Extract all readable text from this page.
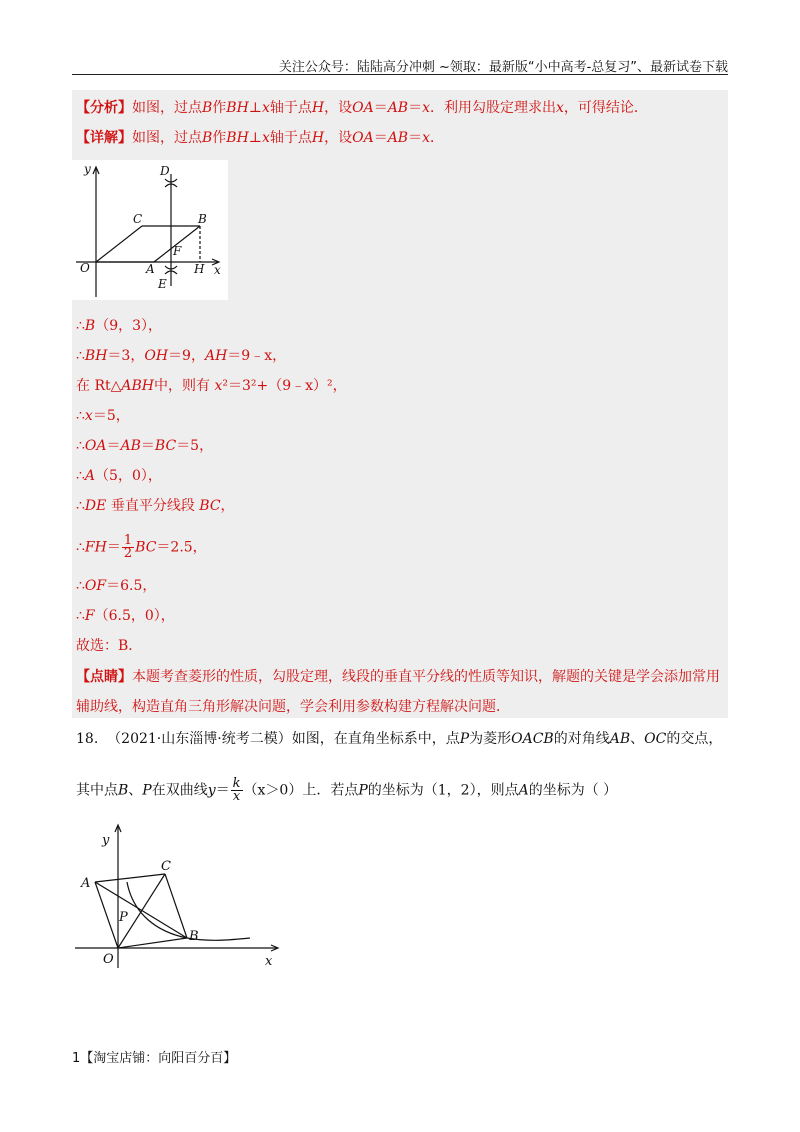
关注公众号：陆陆高分冲刺 ~领取：最新版“小中高考-总复习”、最新试卷下载
【分析】如图，过点B作BH⊥x轴于点H，设OA＝AB＝x．利用勾股定理求出x，可得结论．
【详解】如图，过点B作BH⊥x轴于点H，设OA＝AB＝x．
y
x
O	A	H
C	B
D
E
F
∴B（9，3），
∴BH＝3，OH＝9，AH＝9﹣x，
在 Rt△ABH中，则有 x²＝3²+（9﹣x）²，
∴x＝5，
∴OA＝AB＝BC＝5，
∴A（5，0），
∴DE 垂直平分线段 BC，
∴FH＝ $\frac{1}{2} BC=2.5$，
∴OF＝6.5，
∴F（6.5，0），
故选：B．
【点睛】本题考查菱形的性质，勾股定理，线段的垂直平分线的性质等知识，解题的关键是学会添加常用
辅助线，构造直角三角形解决问题，学会利用参数构建方程解决问题．
18. （2021·山东淄博·统考二模）如图，在直角坐标系中，点P为菱形OACB的对角线AB、OC的交点，
其中点B、P在双曲线$y= \frac{k}{x} (x>0)$上．若点P的坐标为（1，2），则点A的坐标为（ ）
y
x
O
A
C
P
B
1【淘宝店铺：向阳百分百】
